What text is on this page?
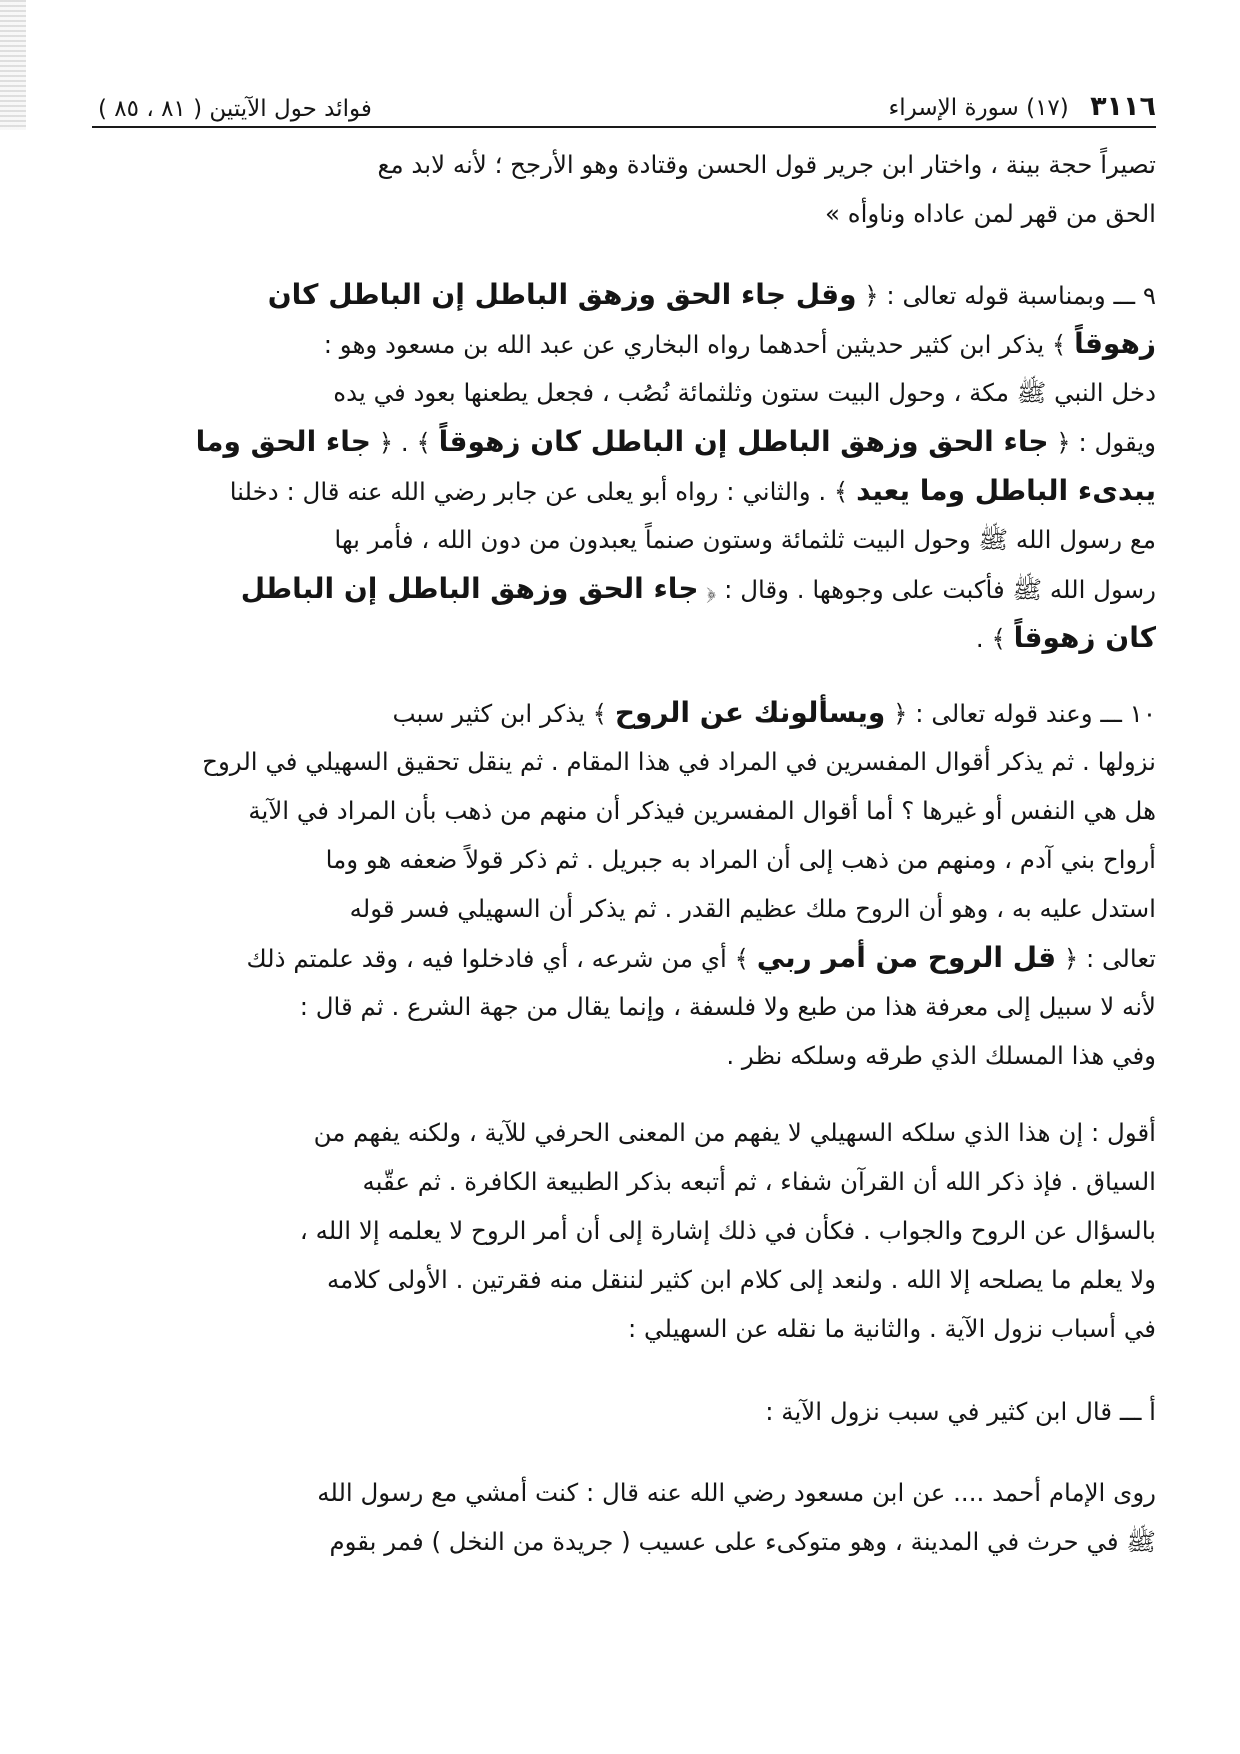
٣١١٦ (١٧) سورة الإسراء
فوائد حول الآيتين ( ٨١ ، ٨٥ )
تصيراً حجة بينة ، واختار ابن جرير قول الحسن وقتادة وهو الأرجح ؛ لأنه لابد مع
الحق من قهر لمن عاداه وناوأه »
٩ ـــ وبمناسبة قوله تعالى : ﴿ وقل جاء الحق وزهق الباطل إن الباطل كان
زهوقاً ﴾ يذكر ابن كثير حديثين أحدهما رواه البخاري عن عبد الله بن مسعود وهو :
دخل النبي ﷺ مكة ، وحول البيت ستون وثلثمائة نُصُب ، فجعل يطعنها بعود في يده
ويقول : ﴿ جاء الحق وزهق الباطل إن الباطل كان زهوقاً ﴾ . ﴿ جاء الحق وما
يبدىء الباطل وما يعيد ﴾ . والثاني : رواه أبو يعلى عن جابر رضي الله عنه قال : دخلنا
مع رسول الله ﷺ وحول البيت ثلثمائة وستون صنماً يعبدون من دون الله ، فأمر بها
رسول الله ﷺ فأكبت على وجوهها . وقال : ﴿ جاء الحق وزهق الباطل إن الباطل
كان زهوقاً ﴾ .
١٠ ـــ وعند قوله تعالى : ﴿ ويسألونك عن الروح ﴾ يذكر ابن كثير سبب
نزولها . ثم يذكر أقوال المفسرين في المراد في هذا المقام . ثم ينقل تحقيق السهيلي في الروح
هل هي النفس أو غيرها ؟ أما أقوال المفسرين فيذكر أن منهم من ذهب بأن المراد في الآية
أرواح بني آدم ، ومنهم من ذهب إلى أن المراد به جبريل . ثم ذكر قولاً ضعفه هو وما
استدل عليه به ، وهو أن الروح ملك عظيم القدر . ثم يذكر أن السهيلي فسر قوله
تعالى : ﴿ قل الروح من أمر ربي ﴾ أي من شرعه ، أي فادخلوا فيه ، وقد علمتم ذلك
لأنه لا سبيل إلى معرفة هذا من طبع ولا فلسفة ، وإنما يقال من جهة الشرع . ثم قال :
وفي هذا المسلك الذي طرقه وسلكه نظر .
أقول : إن هذا الذي سلكه السهيلي لا يفهم من المعنى الحرفي للآية ، ولكنه يفهم من
السياق . فإذ ذكر الله أن القرآن شفاء ، ثم أتبعه بذكر الطبيعة الكافرة . ثم عقّبه
بالسؤال عن الروح والجواب . فكأن في ذلك إشارة إلى أن أمر الروح لا يعلمه إلا الله ،
ولا يعلم ما يصلحه إلا الله . ولنعد إلى كلام ابن كثير لننقل منه فقرتين . الأولى كلامه
في أسباب نزول الآية . والثانية ما نقله عن السهيلي :
أ ـــ قال ابن كثير في سبب نزول الآية :
روى الإمام أحمد .... عن ابن مسعود رضي الله عنه قال : كنت أمشي مع رسول الله
ﷺ في حرث في المدينة ، وهو متوكىء على عسيب ( جريدة من النخل ) فمر بقوم
